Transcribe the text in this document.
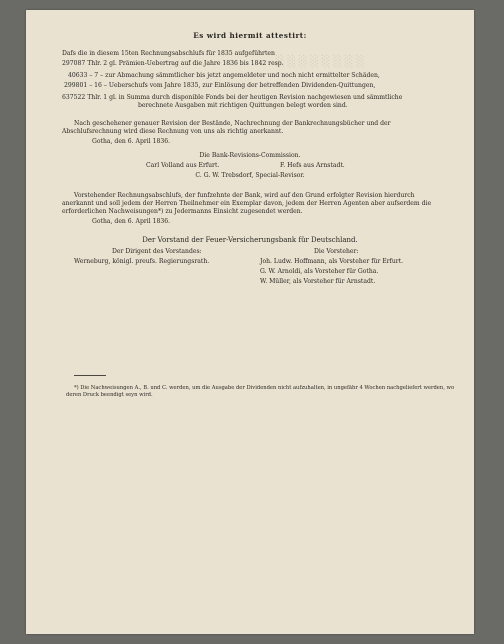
░░░░░░░░
Es wird hiermit attestirt:
Dafs die in diesem 15ten Rechnungsabschlufs für 1835 aufgeführten
297087 Thlr. 2 gl. Prämien-Uebertrag auf die Jahre 1836 bis 1842 resp.
40633 – 7 – zur Abmachung sämmtlicher bis jetzt angemeldeter und noch nicht ermittelter Schäden,
299801 – 16 – Ueberschufs vom Jahre 1835, zur Einlösung der betreffenden Dividenden-Quittungen,
637522 Thlr. 1 gl. in Summa durch disponible Fonds bei der heutigen Revision nachgewiesen und sämmtliche
berechnete Ausgaben mit richtigen Quittungen belegt worden sind.
Nach geschehener genauer Revision der Bestände, Nachrechnung der Bankrechnungsbücher und der Abschlufsrechnung wird diese Rechnung von uns als richtig anerkannt.
Gotha, den 6. April 1836.
Die Bank-Revisions-Commission.
Carl Volland aus Erfurt.	F. Hefs aus Arnstadt.
C. G. W. Trebsdorf, Special-Revisor.
Vorstehender Rechnungsabschlufs, der funfzehnte der Bank, wird auf den Grund erfolgter Revision hierdurch anerkannt und soll jedem der Herren Theilnehmer ein Exemplar davon, jedem der Herren Agenten aber aufserdem die erforderlichen Nachweisungen*) zu Jedermanns Einsicht zugesendet werden.
Gotha, den 6. April 1836.
Der Vorstand der Feuer-Versicherungsbank für Deutschland.
Der Dirigent des Vorstandes:
Werneburg, königl. preufs. Regierungsrath.
Die Vorsteher:
Joh. Ludw. Hoffmann, als Vorsteher für Erfurt.
G. W. Arnoldi, als Vorsteher für Gotha.
W. Müller, als Vorsteher für Arnstadt.
*) Die Nachweisungen A., B. und C. werden, um die Ausgabe der Dividenden nicht aufzuhalten, in ungefähr 4 Wochen nachgeliefert werden, wo deren Druck beendigt seyn wird.
